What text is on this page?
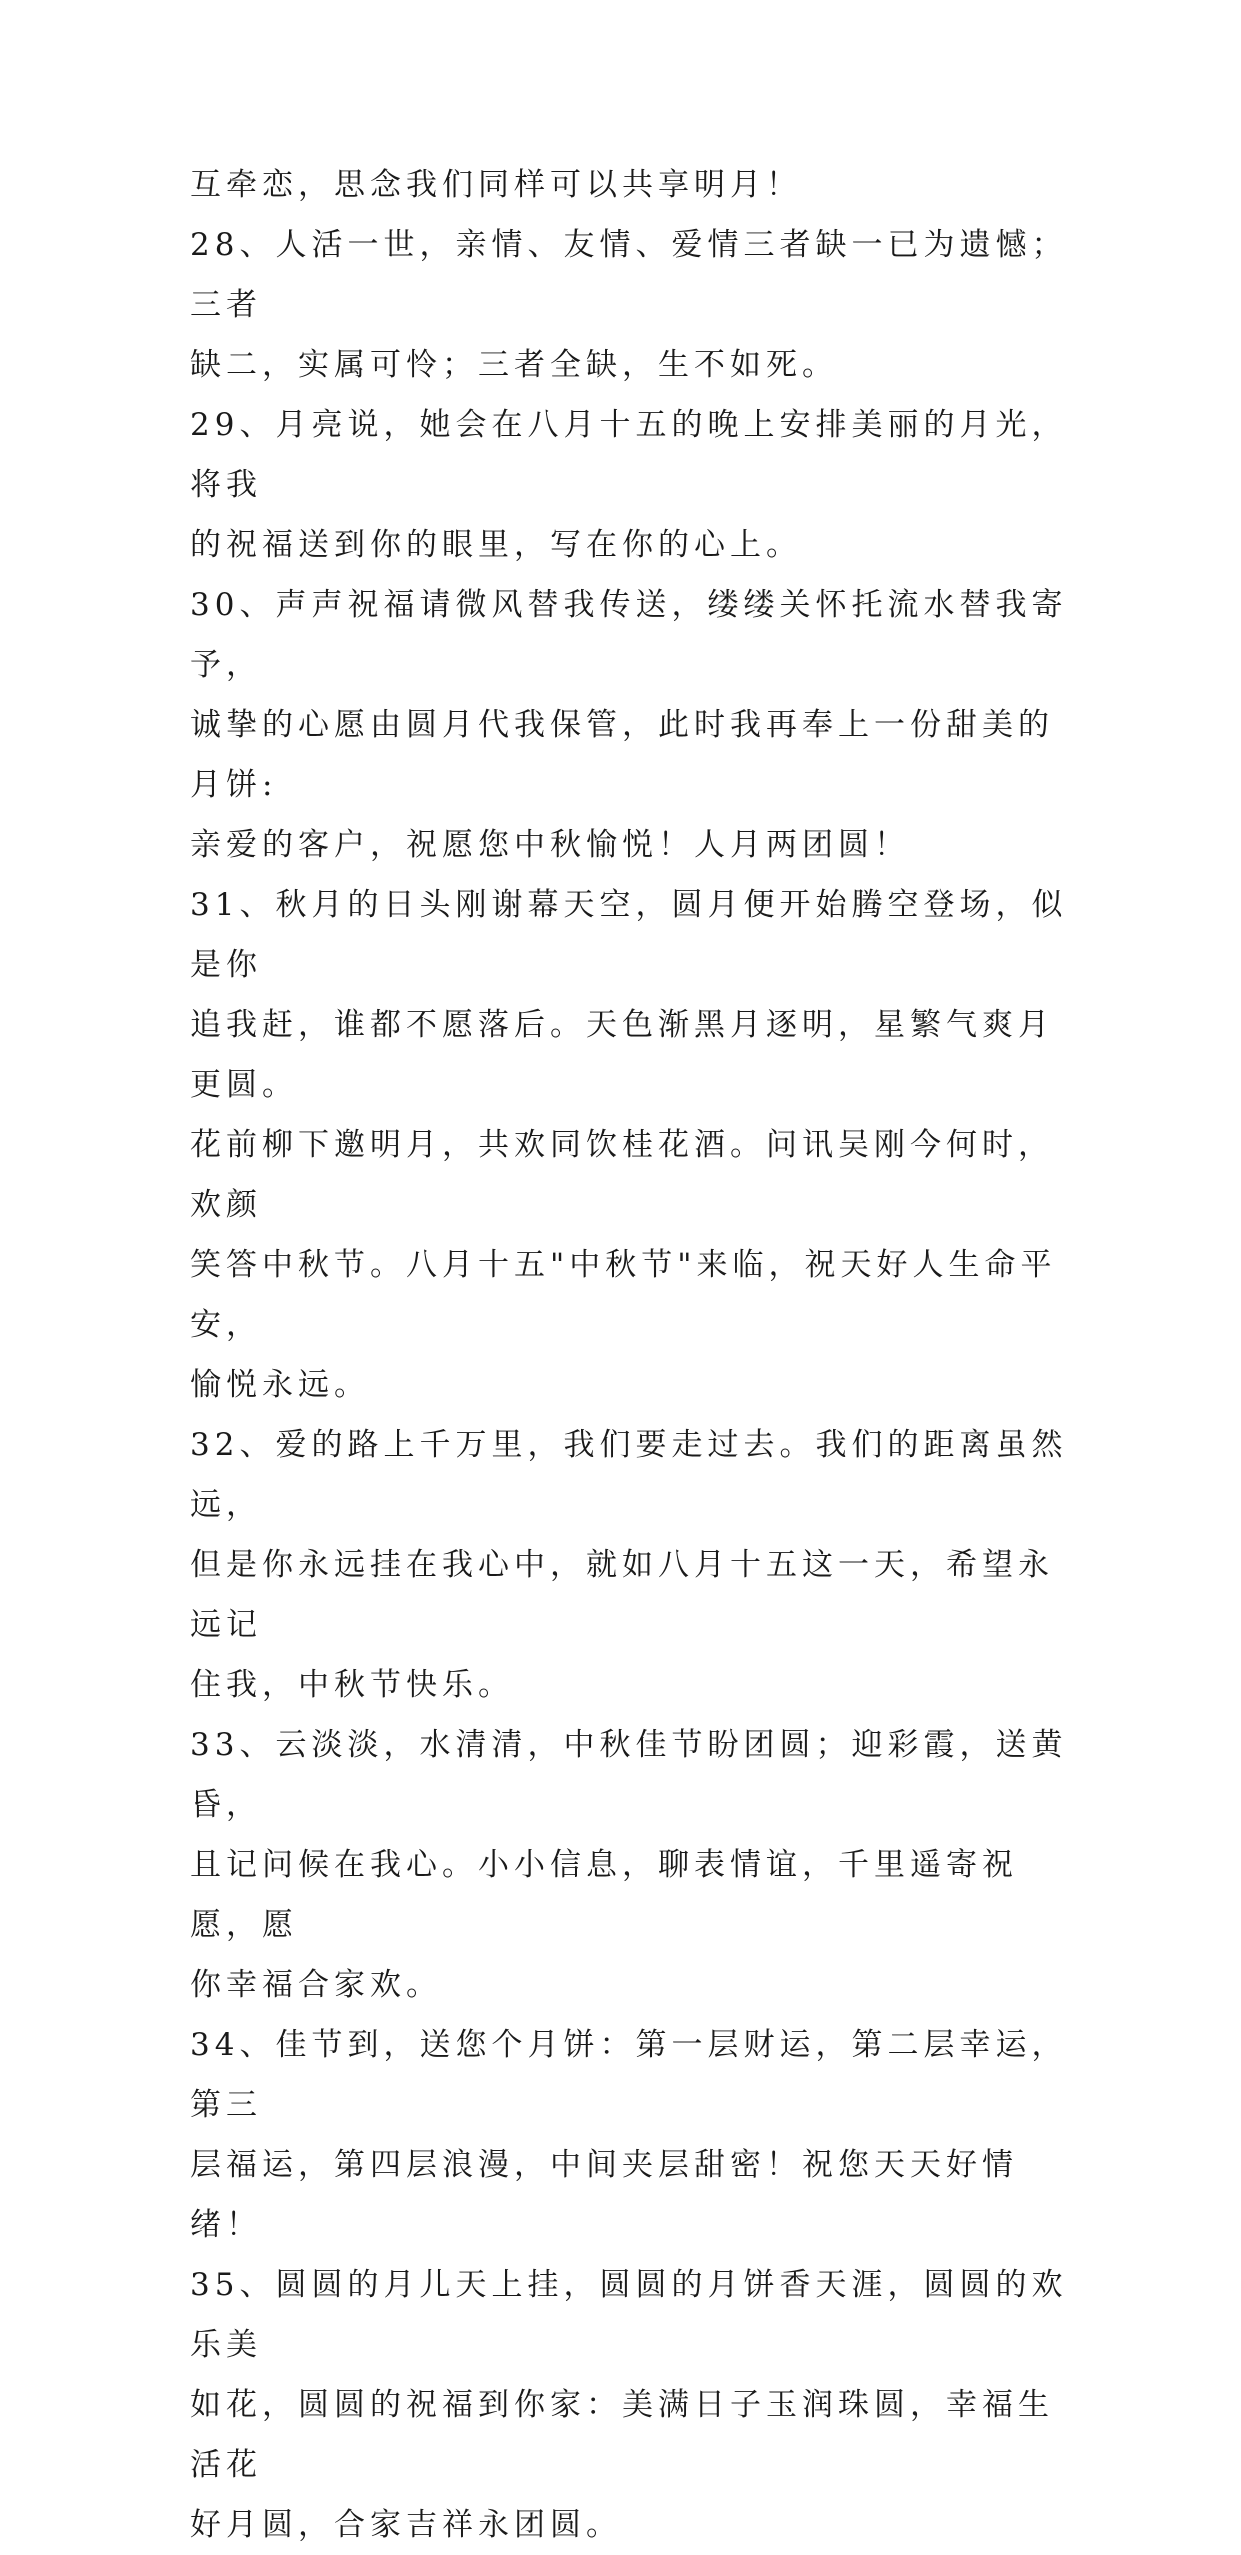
互牵恋，思念我们同样可以共享明月！

28、人活一世，亲情、友情、爱情三者缺一已为遗憾；三者
缺二，实属可怜；三者全缺，生不如死。

29、月亮说，她会在八月十五的晚上安排美丽的月光，将我
的祝福送到你的眼里，写在你的心上。

30、声声祝福请微风替我传送，缕缕关怀托流水替我寄予，
诚挚的心愿由圆月代我保管，此时我再奉上一份甜美的月饼:
亲爱的客户，祝愿您中秋愉悦！人月两团圆！

31、秋月的日头刚谢幕天空，圆月便开始腾空登场，似是你
追我赶，谁都不愿落后。天色渐黑月逐明，星繁气爽月更圆。
花前柳下邀明月，共欢同饮桂花酒。问讯吴刚今何时，欢颜
笑答中秋节。八月十五"中秋节"来临，祝天好人生命平安，
愉悦永远。

32、爱的路上千万里，我们要走过去。我们的距离虽然远，
但是你永远挂在我心中，就如八月十五这一天，希望永远记
住我，中秋节快乐。

33、云淡淡，水清清，中秋佳节盼团圆；迎彩霞，送黄昏，
且记问候在我心。小小信息，聊表情谊，千里遥寄祝愿，愿
你幸福合家欢。

34、佳节到，送您个月饼：第一层财运，第二层幸运，第三
层福运，第四层浪漫，中间夹层甜密！祝您天天好情绪！

35、圆圆的月儿天上挂，圆圆的月饼香天涯，圆圆的欢乐美
如花，圆圆的祝福到你家：美满日子玉润珠圆，幸福生活花
好月圆，合家吉祥永团圆。
